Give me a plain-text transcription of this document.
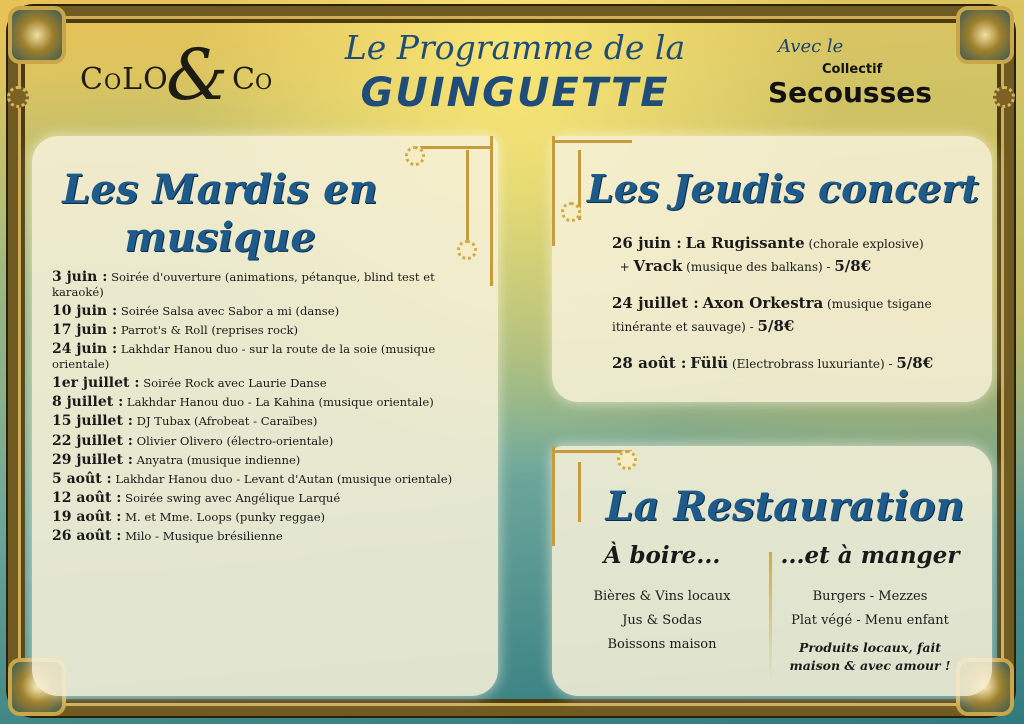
CoLO
& Co
Le Programme de la
GUINGUETTE
Avec le
Collectif
Secousses
Les Mardis en
musique
3 juin : Soirée d'ouverture (animations, pétanque, blind test et karaoké)
10 juin : Soirée Salsa avec Sabor a mi (danse)
17 juin : Parrot's & Roll (reprises rock)
24 juin : Lakhdar Hanou duo - sur la route de la soie (musique orientale)
1er juillet : Soirée Rock avec Laurie Danse
8 juillet : Lakhdar Hanou duo - La Kahina (musique orientale)
15 juillet : DJ Tubax (Afrobeat - Caraïbes)
22 juillet : Olivier Olivero (électro-orientale)
29 juillet : Anyatra (musique indienne)
5 août : Lakhdar Hanou duo - Levant d'Autan (musique orientale)
12 août : Soirée swing avec Angélique Larqué
19 août : M. et Mme. Loops (punky reggae)
26 août : Milo - Musique brésilienne
Les Jeudis concert
26 juin : La Rugissante (chorale explosive)
+ Vrack (musique des balkans) - 5/8€
24 juillet : Axon Orkestra (musique tsigane itinérante et sauvage) - 5/8€
28 août : Fülü (Electrobrass luxuriante) - 5/8€
La Restauration
À boire...

Bières & Vins locaux

Jus & Sodas

Boissons maison

...et à manger

Burgers - Mezzes

Plat végé - Menu enfant

Produits locaux, fait maison & avec amour !
